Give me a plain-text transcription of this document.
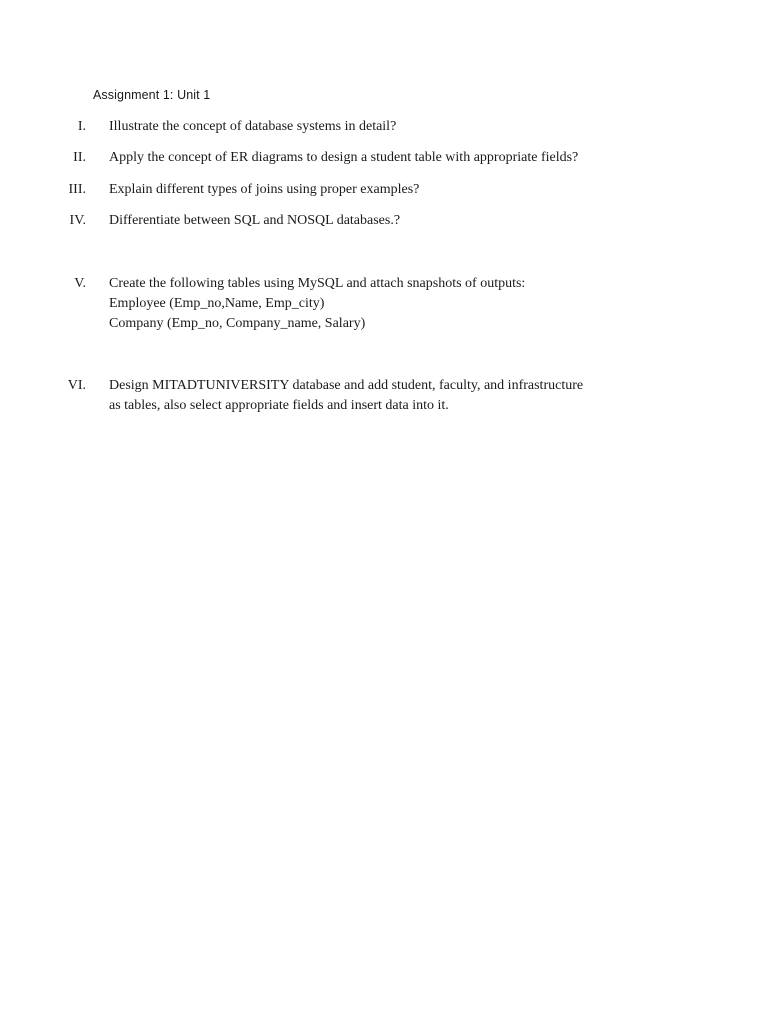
Assignment 1: Unit 1
I. Illustrate the concept of database systems in detail?
II. Apply the concept of ER diagrams to design a student table with appropriate fields?
III. Explain different types of joins using proper examples?
IV. Differentiate between SQL and NOSQL databases.?
V. Create the following tables using MySQL and attach snapshots of outputs:
Employee (Emp_no,Name, Emp_city)
Company (Emp_no, Company_name, Salary)
VI. Design MITADTUNIVERSITY database and add student, faculty, and infrastructure
as tables, also select appropriate fields and insert data into it.
